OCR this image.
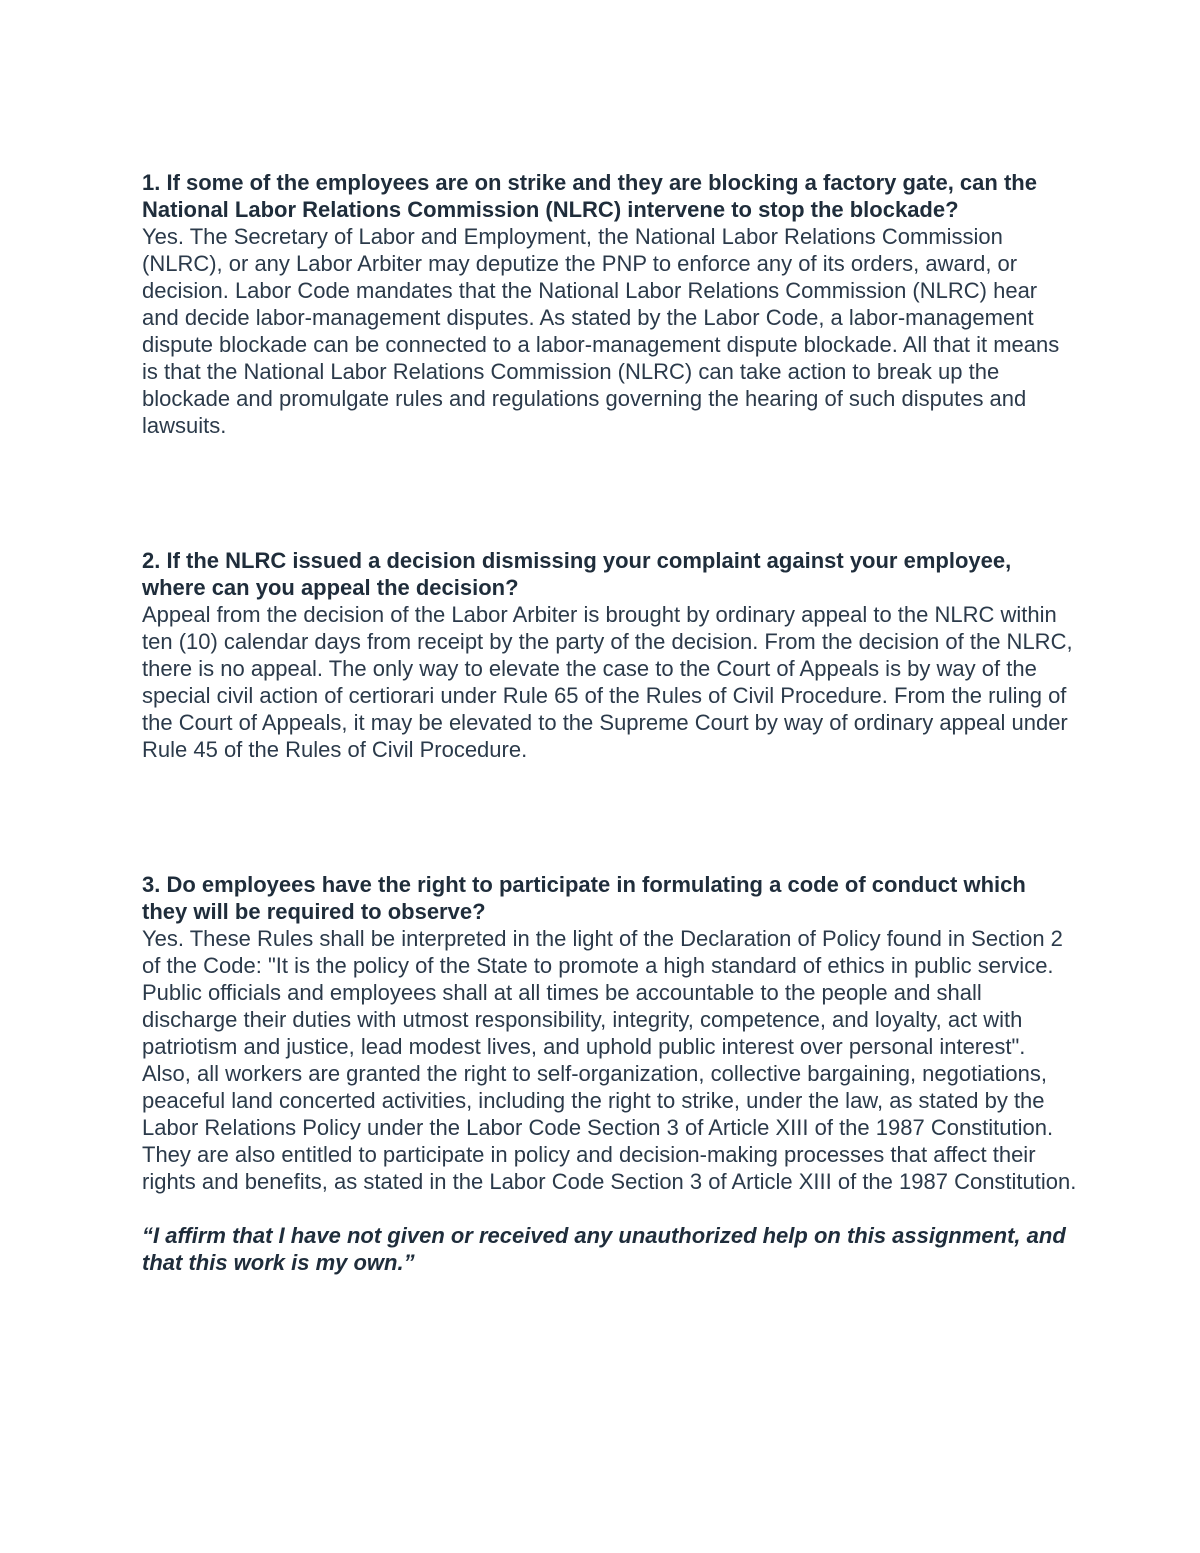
1. If some of the employees are on strike and they are blocking a factory gate, can the National Labor Relations Commission (NLRC) intervene to stop the blockade?

Yes. The Secretary of Labor and Employment, the National Labor Relations Commission (NLRC), or any Labor Arbiter may deputize the PNP to enforce any of its orders, award, or decision. Labor Code mandates that the National Labor Relations Commission (NLRC) hear and decide labor-management disputes. As stated by the Labor Code, a labor-management dispute blockade can be connected to a labor-management dispute blockade. All that it means is that the National Labor Relations Commission (NLRC) can take action to break up the blockade and promulgate rules and regulations governing the hearing of such disputes and lawsuits.

2. If the NLRC issued a decision dismissing your complaint against your employee, where can you appeal the decision?

Appeal from the decision of the Labor Arbiter is brought by ordinary appeal to the NLRC within ten (10) calendar days from receipt by the party of the decision. From the decision of the NLRC, there is no appeal. The only way to elevate the case to the Court of Appeals is by way of the special civil action of certiorari under Rule 65 of the Rules of Civil Procedure. From the ruling of the Court of Appeals, it may be elevated to the Supreme Court by way of ordinary appeal under Rule 45 of the Rules of Civil Procedure.

3. Do employees have the right to participate in formulating a code of conduct which they will be required to observe?

Yes. These Rules shall be interpreted in the light of the Declaration of Policy found in Section 2 of the Code: "It is the policy of the State to promote a high standard of ethics in public service. Public officials and employees shall at all times be accountable to the people and shall discharge their duties with utmost responsibility, integrity, competence, and loyalty, act with patriotism and justice, lead modest lives, and uphold public interest over personal interest". Also, all workers are granted the right to self-organization, collective bargaining, negotiations, peaceful land concerted activities, including the right to strike, under the law, as stated by the Labor Relations Policy under the Labor Code Section 3 of Article XIII of the 1987 Constitution. They are also entitled to participate in policy and decision-making processes that affect their rights and benefits, as stated in the Labor Code Section 3 of Article XIII of the 1987 Constitution.

“I affirm that I have not given or received any unauthorized help on this assignment, and that this work is my own.”
